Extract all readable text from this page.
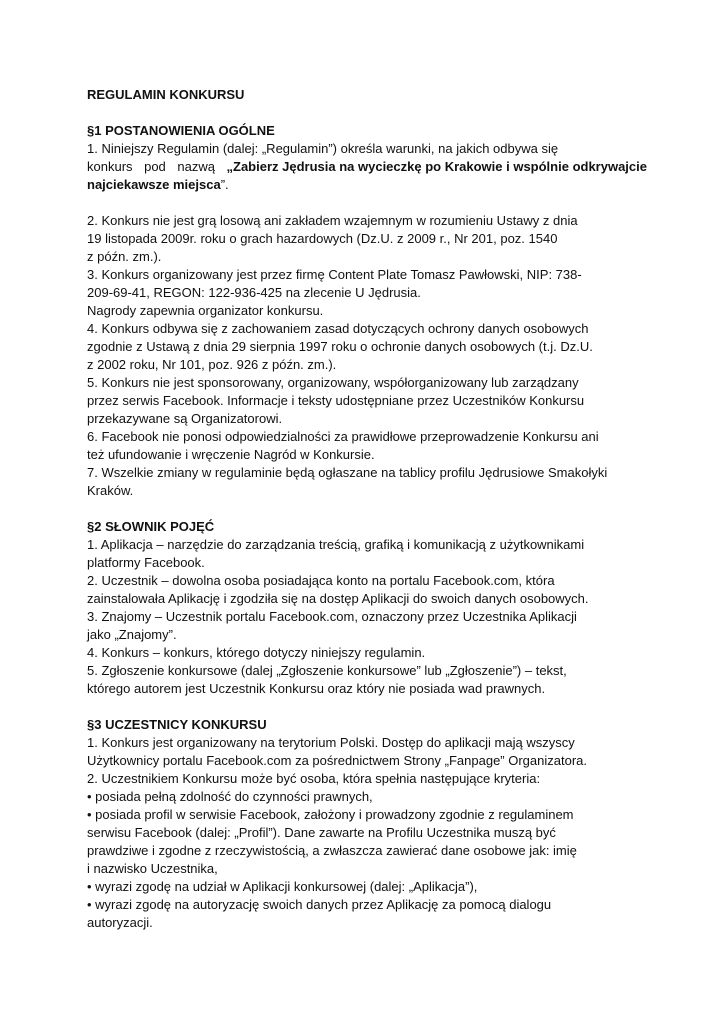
REGULAMIN KONKURSU
§1 POSTANOWIENIA OGÓLNE
1. Niniejszy Regulamin (dalej: „Regulamin”) określa warunki, na jakich odbywa się
konkurs pod nazwą „Zabierz Jędrusia na wycieczkę po Krakowie i wspólnie odkrywajcie
najciekawsze miejsca”.
2. Konkurs nie jest grą losową ani zakładem wzajemnym w rozumieniu Ustawy z dnia
19 listopada 2009r. roku o grach hazardowych (Dz.U. z 2009 r., Nr 201, poz. 1540
z późn. zm.).
3. Konkurs organizowany jest przez firmę Content Plate Tomasz Pawłowski, NIP: 738-
209-69-41, REGON: 122-936-425 na zlecenie U Jędrusia.
Nagrody zapewnia organizator konkursu.
4. Konkurs odbywa się z zachowaniem zasad dotyczących ochrony danych osobowych
zgodnie z Ustawą z dnia 29 sierpnia 1997 roku o ochronie danych osobowych (t.j. Dz.U.
z 2002 roku, Nr 101, poz. 926 z późn. zm.).
5. Konkurs nie jest sponsorowany, organizowany, współorganizowany lub zarządzany
przez serwis Facebook. Informacje i teksty udostępniane przez Uczestników Konkursu
przekazywane są Organizatorowi.
6. Facebook nie ponosi odpowiedzialności za prawidłowe przeprowadzenie Konkursu ani
też ufundowanie i wręczenie Nagród w Konkursie.
7. Wszelkie zmiany w regulaminie będą ogłaszane na tablicy profilu Jędrusiowe Smakołyki
Kraków.
§2 SŁOWNIK POJĘĆ
1. Aplikacja – narzędzie do zarządzania treścią, grafiką i komunikacją z użytkownikami
platformy Facebook.
2. Uczestnik – dowolna osoba posiadająca konto na portalu Facebook.com, która
zainstalowała Aplikację i zgodziła się na dostęp Aplikacji do swoich danych osobowych.
3. Znajomy – Uczestnik portalu Facebook.com, oznaczony przez Uczestnika Aplikacji
jako „Znajomy”.
4. Konkurs – konkurs, którego dotyczy niniejszy regulamin.
5. Zgłoszenie konkursowe (dalej „Zgłoszenie konkursowe” lub „Zgłoszenie”) – tekst,
którego autorem jest Uczestnik Konkursu oraz który nie posiada wad prawnych.
§3 UCZESTNICY KONKURSU
1. Konkurs jest organizowany na terytorium Polski. Dostęp do aplikacji mają wszyscy
Użytkownicy portalu Facebook.com za pośrednictwem Strony „Fanpage” Organizatora.
2. Uczestnikiem Konkursu może być osoba, która spełnia następujące kryteria:
• posiada pełną zdolność do czynności prawnych,
• posiada profil w serwisie Facebook, założony i prowadzony zgodnie z regulaminem
serwisu Facebook (dalej: „Profil”). Dane zawarte na Profilu Uczestnika muszą być
prawdziwe i zgodne z rzeczywistością, a zwłaszcza zawierać dane osobowe jak: imię
i nazwisko Uczestnika,
• wyrazi zgodę na udział w Aplikacji konkursowej (dalej: „Aplikacja”),
• wyrazi zgodę na autoryzację swoich danych przez Aplikację za pomocą dialogu
autoryzacji.
